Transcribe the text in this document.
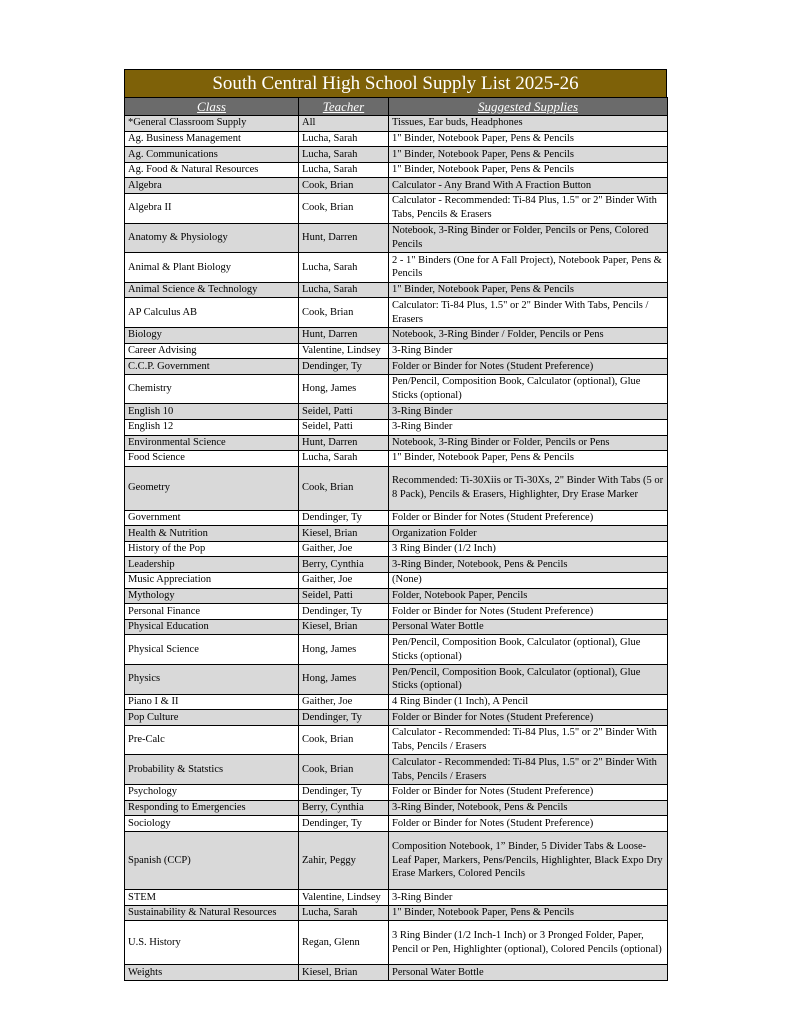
South Central High School Supply List 2025-26
Class	Teacher	Suggested Supplies
*General Classroom Supply	All	Tissues, Ear buds, Headphones
Ag. Business Management	Lucha, Sarah	1" Binder, Notebook Paper, Pens & Pencils
Ag. Communications	Lucha, Sarah	1" Binder, Notebook Paper, Pens & Pencils
Ag. Food & Natural Resources	Lucha, Sarah	1" Binder, Notebook Paper, Pens & Pencils
Algebra	Cook, Brian	Calculator - Any Brand With A Fraction Button
Algebra II	Cook, Brian	Calculator - Recommended: Ti-84 Plus, 1.5" or 2" Binder With Tabs, Pencils & Erasers
Anatomy & Physiology	Hunt, Darren	Notebook, 3-Ring Binder or Folder, Pencils or Pens, Colored Pencils
Animal & Plant Biology	Lucha, Sarah	2 - 1" Binders (One for A Fall Project), Notebook Paper, Pens & Pencils
Animal Science & Technology	Lucha, Sarah	1" Binder, Notebook Paper, Pens & Pencils
AP Calculus AB	Cook, Brian	Calculator: Ti-84 Plus, 1.5" or 2" Binder With Tabs, Pencils / Erasers
Biology	Hunt, Darren	Notebook, 3-Ring Binder / Folder, Pencils or Pens
Career Advising	Valentine, Lindsey	3-Ring Binder
C.C.P. Government	Dendinger, Ty	Folder or Binder for Notes (Student Preference)
Chemistry	Hong, James	Pen/Pencil, Composition Book, Calculator (optional), Glue Sticks (optional)
English 10	Seidel, Patti	3-Ring Binder
English 12	Seidel, Patti	3-Ring Binder
Environmental Science	Hunt, Darren	Notebook, 3-Ring Binder or Folder, Pencils or Pens
Food Science	Lucha, Sarah	1" Binder, Notebook Paper, Pens & Pencils
Geometry	Cook, Brian	Recommended: Ti-30Xiis or Ti-30Xs, 2" Binder With Tabs (5 or 8 Pack), Pencils & Erasers, Highlighter, Dry Erase Marker
Government	Dendinger, Ty	Folder or Binder for Notes (Student Preference)
Health & Nutrition	Kiesel, Brian	Organization Folder
History of the Pop	Gaither, Joe	3 Ring Binder (1/2 Inch)
Leadership	Berry, Cynthia	3-Ring Binder, Notebook, Pens & Pencils
Music Appreciation	Gaither, Joe	(None)
Mythology	Seidel, Patti	Folder, Notebook Paper, Pencils
Personal Finance	Dendinger, Ty	Folder or Binder for Notes (Student Preference)
Physical Education	Kiesel, Brian	Personal Water Bottle
Physical Science	Hong, James	Pen/Pencil, Composition Book, Calculator (optional), Glue Sticks (optional)
Physics	Hong, James	Pen/Pencil, Composition Book, Calculator (optional), Glue Sticks (optional)
Piano I & II	Gaither, Joe	4 Ring Binder (1 Inch), A Pencil
Pop Culture	Dendinger, Ty	Folder or Binder for Notes (Student Preference)
Pre-Calc	Cook, Brian	Calculator - Recommended: Ti-84 Plus, 1.5" or 2" Binder With Tabs, Pencils / Erasers
Probability & Statstics	Cook, Brian	Calculator - Recommended: Ti-84 Plus, 1.5" or 2" Binder With Tabs, Pencils / Erasers
Psychology	Dendinger, Ty	Folder or Binder for Notes (Student Preference)
Responding to Emergencies	Berry, Cynthia	3-Ring Binder, Notebook, Pens & Pencils
Sociology	Dendinger, Ty	Folder or Binder for Notes (Student Preference)
Spanish (CCP)	Zahir, Peggy	Composition Notebook, 1” Binder, 5 Divider Tabs & Loose-Leaf Paper, Markers, Pens/Pencils, Highlighter, Black Expo Dry Erase Markers, Colored Pencils
STEM	Valentine, Lindsey	3-Ring Binder
Sustainability & Natural Resources	Lucha, Sarah	1" Binder, Notebook Paper, Pens & Pencils
U.S. History	Regan, Glenn	3 Ring Binder (1/2 Inch-1 Inch) or 3 Pronged Folder, Paper, Pencil or Pen, Highlighter (optional), Colored Pencils (optional)
Weights	Kiesel, Brian	Personal Water Bottle
